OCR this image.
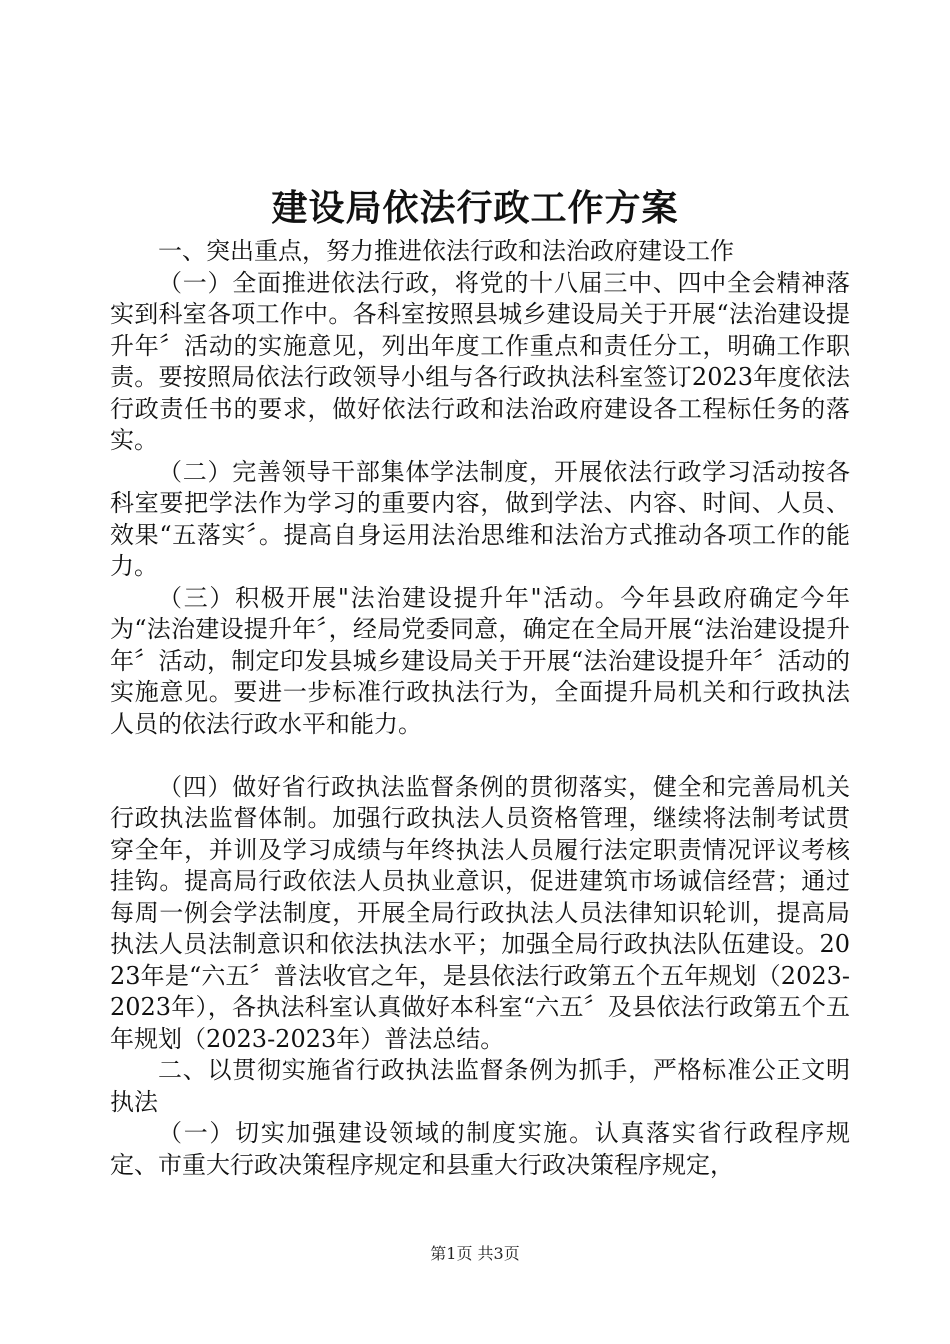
建设局依法行政工作方案

一、突出重点，努力推进依法行政和法治政府建设工作

（一）全面推进依法行政，将党的十八届三中、四中全会精神落实到科室各项工作中。各科室按照县城乡建设局关于开展“法治建设提升年〞活动的实施意见，列出年度工作重点和责任分工，明确工作职责。要按照局依法行政领导小组与各行政执法科室签订2023年度依法行政责任书的要求，做好依法行政和法治政府建设各工程标任务的落实。

（二）完善领导干部集体学法制度，开展依法行政学习活动按各科室要把学法作为学习的重要内容，做到学法、内容、时间、人员、效果“五落实〞。提高自身运用法治思维和法治方式推动各项工作的能力。

（三）积极开展"法治建设提升年"活动。今年县政府确定今年为“法治建设提升年〞，经局党委同意，确定在全局开展“法治建设提升年〞活动，制定印发县城乡建设局关于开展“法治建设提升年〞活动的实施意见。要进一步标准行政执法行为，全面提升局机关和行政执法人员的依法行政水平和能力。

（四）做好省行政执法监督条例的贯彻落实，健全和完善局机关行政执法监督体制。加强行政执法人员资格管理，继续将法制考试贯穿全年，并训及学习成绩与年终执法人员履行法定职责情况评议考核挂钩。提高局行政依法人员执业意识，促进建筑市场诚信经营；通过每周一例会学法制度，开展全局行政执法人员法律知识轮训，提高局执法人员法制意识和依法执法水平；加强全局行政执法队伍建设。2023年是“六五〞普法收官之年，是县依法行政第五个五年规划（2023-2023年），各执法科室认真做好本科室“六五〞及县依法行政第五个五年规划（2023-2023年）普法总结。

二、以贯彻实施省行政执法监督条例为抓手，严格标准公正文明执法

（一）切实加强建设领域的制度实施。认真落实省行政程序规定、市重大行政决策程序规定和县重大行政决策程序规定，

第1页 共3页
